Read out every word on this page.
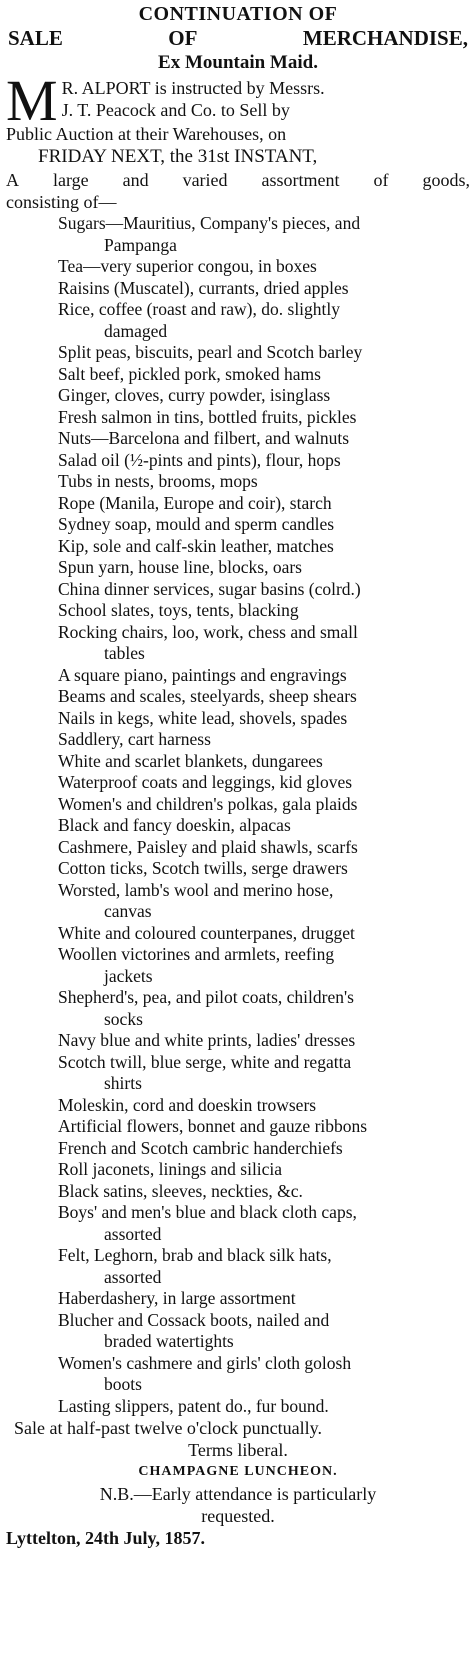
CONTINUATION OF
SALE	OF	MERCHANDISE,
Ex Mountain Maid.
M R. ALPORT is instructed by Messrs.
J. T. Peacock and Co. to Sell by
Public Auction at their Warehouses, on
FRIDAY NEXT, the 31st INSTANT,
A large and varied assortment of goods,
consisting of—
Sugars—Mauritius, Company's pieces, and
Pampanga
Tea—very superior congou, in boxes
Raisins (Muscatel), currants, dried apples
Rice, coffee (roast and raw), do. slightly
damaged
Split peas, biscuits, pearl and Scotch barley
Salt beef, pickled pork, smoked hams
Ginger, cloves, curry powder, isinglass
Fresh salmon in tins, bottled fruits, pickles
Nuts—Barcelona and filbert, and walnuts
Salad oil (½-pints and pints), flour, hops
Tubs in nests, brooms, mops
Rope (Manila, Europe and coir), starch
Sydney soap, mould and sperm candles
Kip, sole and calf-skin leather, matches
Spun yarn, house line, blocks, oars
China dinner services, sugar basins (colrd.)
School slates, toys, tents, blacking
Rocking chairs, loo, work, chess and small
tables
A square piano, paintings and engravings
Beams and scales, steelyards, sheep shears
Nails in kegs, white lead, shovels, spades
Saddlery, cart harness
White and scarlet blankets, dungarees
Waterproof coats and leggings, kid gloves
Women's and children's polkas, gala plaids
Black and fancy doeskin, alpacas
Cashmere, Paisley and plaid shawls, scarfs
Cotton ticks, Scotch twills, serge drawers
Worsted, lamb's wool and merino hose,
canvas
White and coloured counterpanes, drugget
Woollen victorines and armlets, reefing
jackets
Shepherd's, pea, and pilot coats, children's
socks
Navy blue and white prints, ladies' dresses
Scotch twill, blue serge, white and regatta
shirts
Moleskin, cord and doeskin trowsers
Artificial flowers, bonnet and gauze ribbons
French and Scotch cambric handerchiefs
Roll jaconets, linings and silicia
Black satins, sleeves, neckties, &c.
Boys' and men's blue and black cloth caps,
assorted
Felt, Leghorn, brab and black silk hats,
assorted
Haberdashery, in large assortment
Blucher and Cossack boots, nailed and
braded watertights
Women's cashmere and girls' cloth golosh
boots
Lasting slippers, patent do., fur bound.
Sale at half-past twelve o'clock punctually.
Terms liberal.
CHAMPAGNE LUNCHEON.
N.B.—Early attendance is particularly
requested.
Lyttelton, 24th July, 1857.
